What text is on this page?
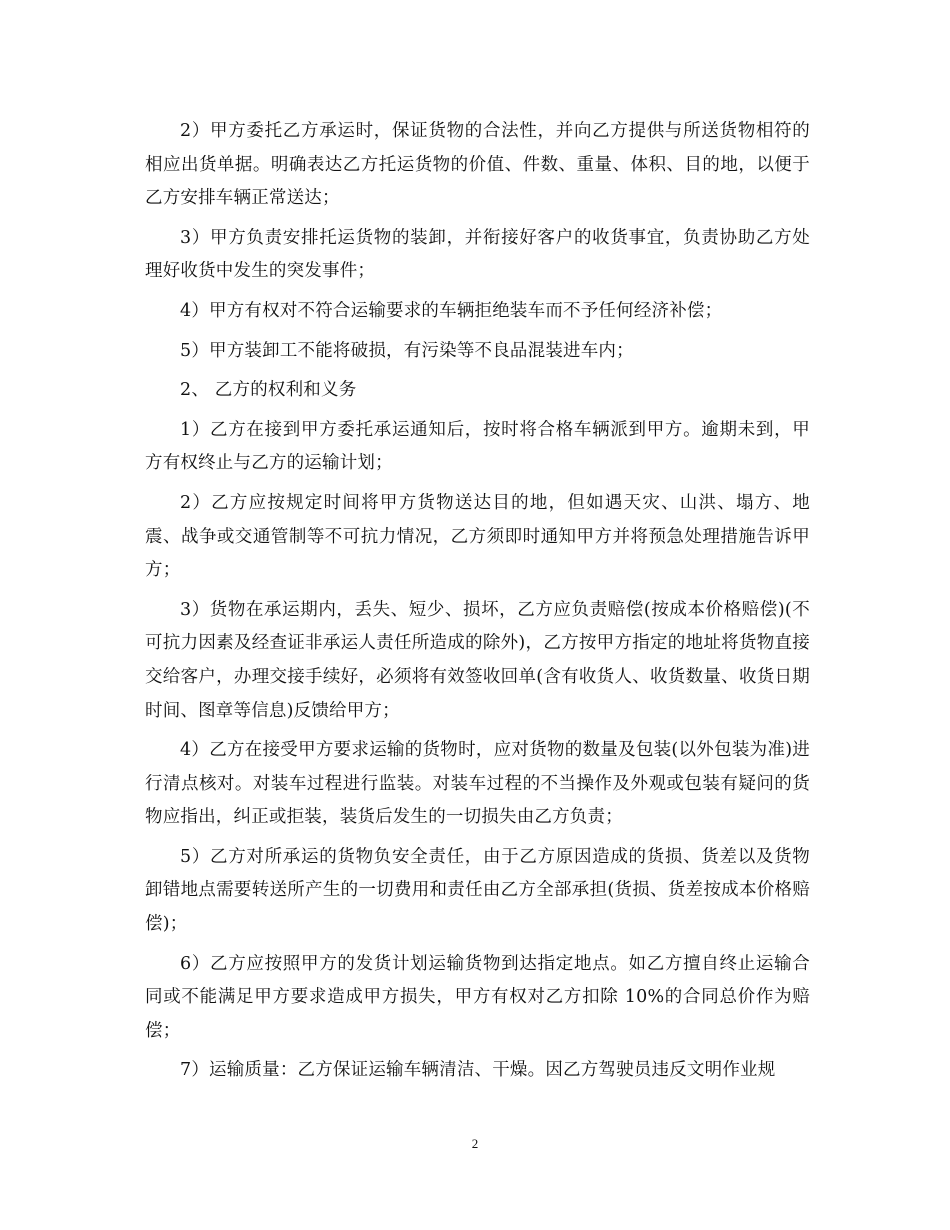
2）甲方委托乙方承运时，保证货物的合法性，并向乙方提供与所送货物相符的相应出货单据。明确表达乙方托运货物的价值、件数、重量、体积、目的地，以便于乙方安排车辆正常送达；

3）甲方负责安排托运货物的装卸，并衔接好客户的收货事宜，负责协助乙方处理好收货中发生的突发事件；

4）甲方有权对不符合运输要求的车辆拒绝装车而不予任何经济补偿；

5）甲方装卸工不能将破损，有污染等不良品混装进车内；

2、 乙方的权利和义务

1）乙方在接到甲方委托承运通知后，按时将合格车辆派到甲方。逾期未到，甲方有权终止与乙方的运输计划；

2）乙方应按规定时间将甲方货物送达目的地，但如遇天灾、山洪、塌方、地震、战争或交通管制等不可抗力情况，乙方须即时通知甲方并将预急处理措施告诉甲方；

3）货物在承运期内，丢失、短少、损坏，乙方应负责赔偿(按成本价格赔偿)(不可抗力因素及经查证非承运人责任所造成的除外)，乙方按甲方指定的地址将货物直接交给客户，办理交接手续好，必须将有效签收回单(含有收货人、收货数量、收货日期时间、图章等信息)反馈给甲方；

4）乙方在接受甲方要求运输的货物时，应对货物的数量及包装(以外包装为准)进行清点核对。对装车过程进行监装。对装车过程的不当操作及外观或包装有疑问的货物应指出，纠正或拒装，装货后发生的一切损失由乙方负责；

5）乙方对所承运的货物负安全责任，由于乙方原因造成的货损、货差以及货物卸错地点需要转送所产生的一切费用和责任由乙方全部承担(货损、货差按成本价格赔偿)；

6）乙方应按照甲方的发货计划运输货物到达指定地点。如乙方擅自终止运输合同或不能满足甲方要求造成甲方损失，甲方有权对乙方扣除 10%的合同总价作为赔偿；

7）运输质量：乙方保证运输车辆清洁、干燥。因乙方驾驶员违反文明作业规

2
